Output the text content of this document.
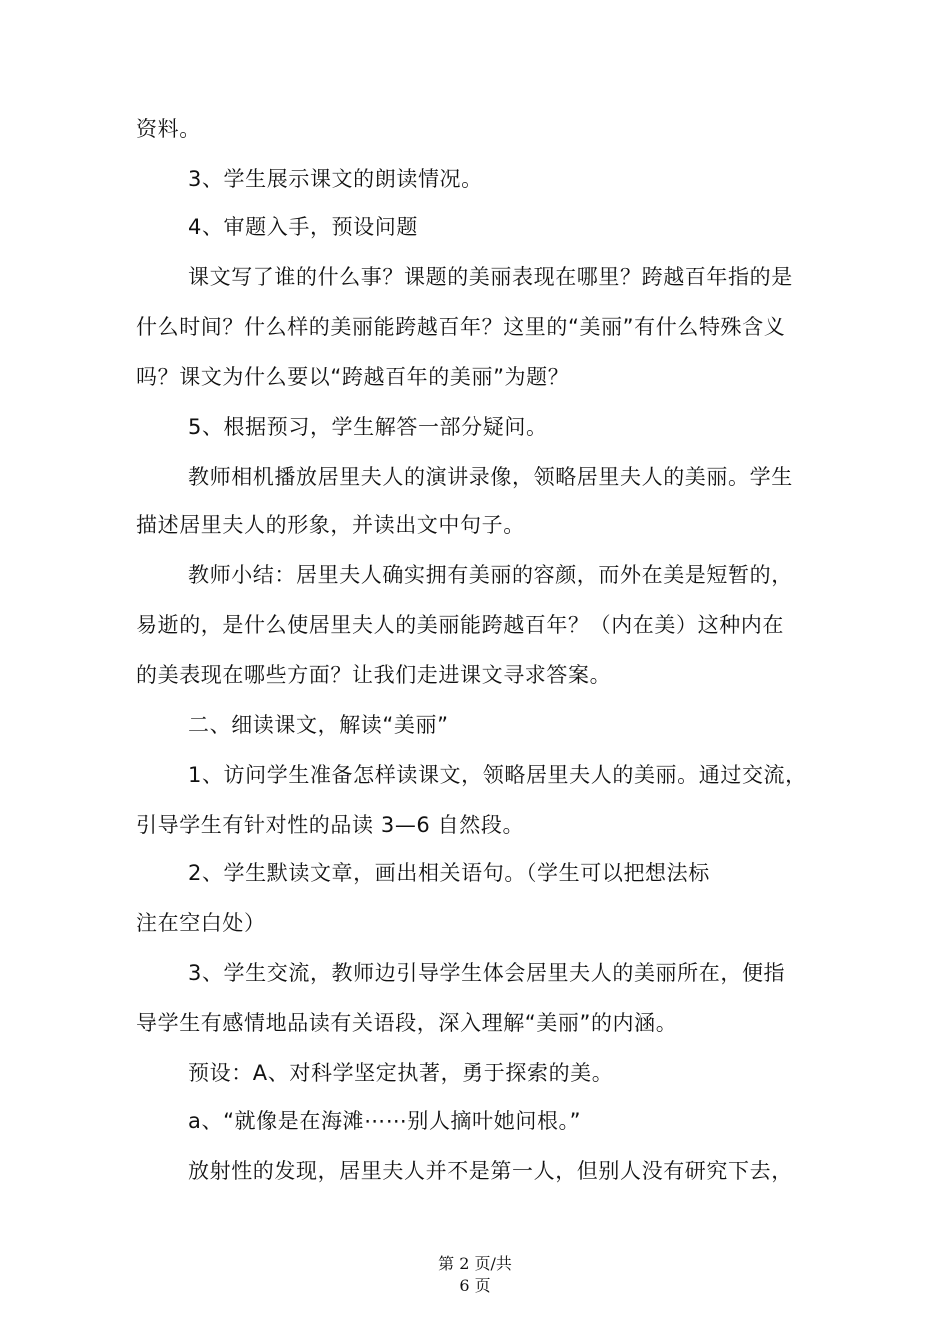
资料。
3、学生展示课文的朗读情况。
4、审题入手，预设问题
课文写了谁的什么事？课题的美丽表现在哪里？跨越百年指的是
什么时间？什么样的美丽能跨越百年？这里的“美丽”有什么特殊含义
吗？课文为什么要以“跨越百年的美丽”为题？
5、根据预习，学生解答一部分疑问。
教师相机播放居里夫人的演讲录像，领略居里夫人的美丽。学生
描述居里夫人的形象，并读出文中句子。
教师小结：居里夫人确实拥有美丽的容颜，而外在美是短暂的，
易逝的，是什么使居里夫人的美丽能跨越百年？（内在美）这种内在
的美表现在哪些方面？让我们走进课文寻求答案。
二、细读课文，解读“美丽”
1、访问学生准备怎样读课文，领略居里夫人的美丽。通过交流，
引导学生有针对性的品读 3—6 自然段。
2、学生默读文章，画出相关语句。（学生可以把想法标
注在空白处）
3、学生交流，教师边引导学生体会居里夫人的美丽所在，便指
导学生有感情地品读有关语段，深入理解“美丽”的内涵。
预设：A、对科学坚定执著，勇于探索的美。
a、“就像是在海滩⋯⋯别人摘叶她问根。”
放射性的发现，居里夫人并不是第一人，但别人没有研究下去，
第 2 页/共
6 页
